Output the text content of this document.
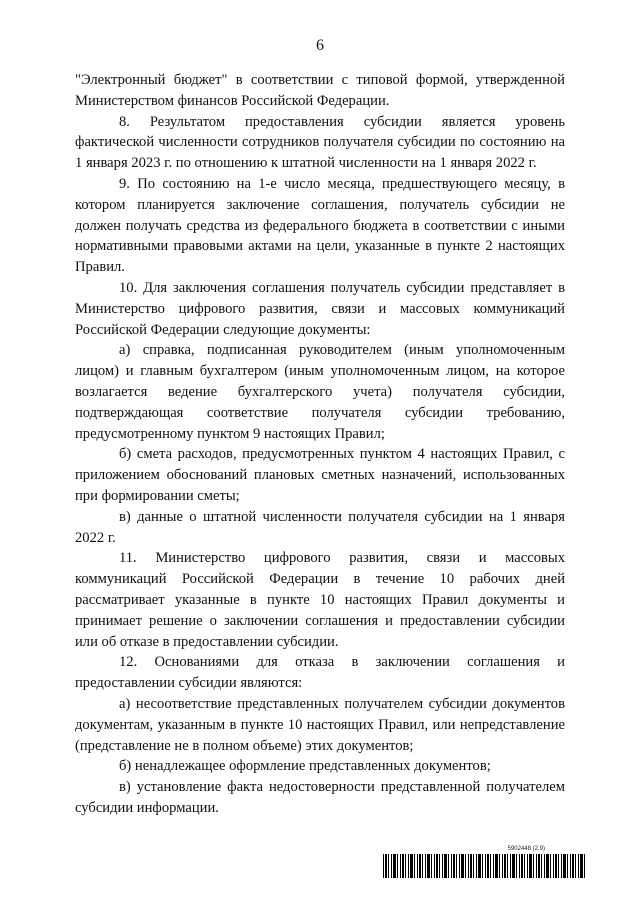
6

"Электронный бюджет" в соответствии с типовой формой, утвержденной Министерством финансов Российской Федерации.

8. Результатом предоставления субсидии является уровень фактической численности сотрудников получателя субсидии по состоянию на 1 января 2023 г. по отношению к штатной численности на 1 января 2022 г.

9. По состоянию на 1-е число месяца, предшествующего месяцу, в котором планируется заключение соглашения, получатель субсидии не должен получать средства из федерального бюджета в соответствии с иными нормативными правовыми актами на цели, указанные в пункте 2 настоящих Правил.

10. Для заключения соглашения получатель субсидии представляет в Министерство цифрового развития, связи и массовых коммуникаций Российской Федерации следующие документы:

а) справка, подписанная руководителем (иным уполномоченным лицом) и главным бухгалтером (иным уполномоченным лицом, на которое возлагается ведение бухгалтерского учета) получателя субсидии, подтверждающая соответствие получателя субсидии требованию, предусмотренному пунктом 9 настоящих Правил;

б) смета расходов, предусмотренных пунктом 4 настоящих Правил, с приложением обоснований плановых сметных назначений, использованных при формировании сметы;

в) данные о штатной численности получателя субсидии на 1 января 2022 г.

11. Министерство цифрового развития, связи и массовых коммуникаций Российской Федерации в течение 10 рабочих дней рассматривает указанные в пункте 10 настоящих Правил документы и принимает решение о заключении соглашения и предоставлении субсидии или об отказе в предоставлении субсидии.

12. Основаниями для отказа в заключении соглашения и предоставлении субсидии являются:

а) несоответствие представленных получателем субсидии документов документам, указанным в пункте 10 настоящих Правил, или непредставление (представление не в полном объеме) этих документов;

б) ненадлежащее оформление представленных документов;

в) установление факта недостоверности представленной получателем субсидии информации.

5902448 (2.9)
